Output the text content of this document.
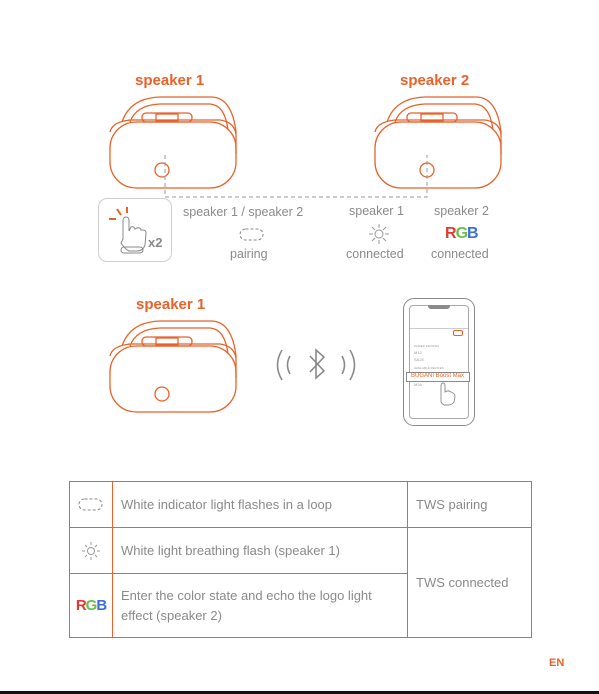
speaker 1	speaker 2
x2
speaker 1 / speaker 2	speaker 1 speaker 2
RGB
pairing	connected connected
speaker 1
PAIRED DEVICES
M12
SA24
AVAILABLE DEVICES
BUGANI Boost Max
M34
	White indicator light flashes in a loop	TWS pairing

	White light breathing flash (speaker 1)	TWS connected
RGB	Enter the color state and echo the logo light effect (speaker 2)	
EN
